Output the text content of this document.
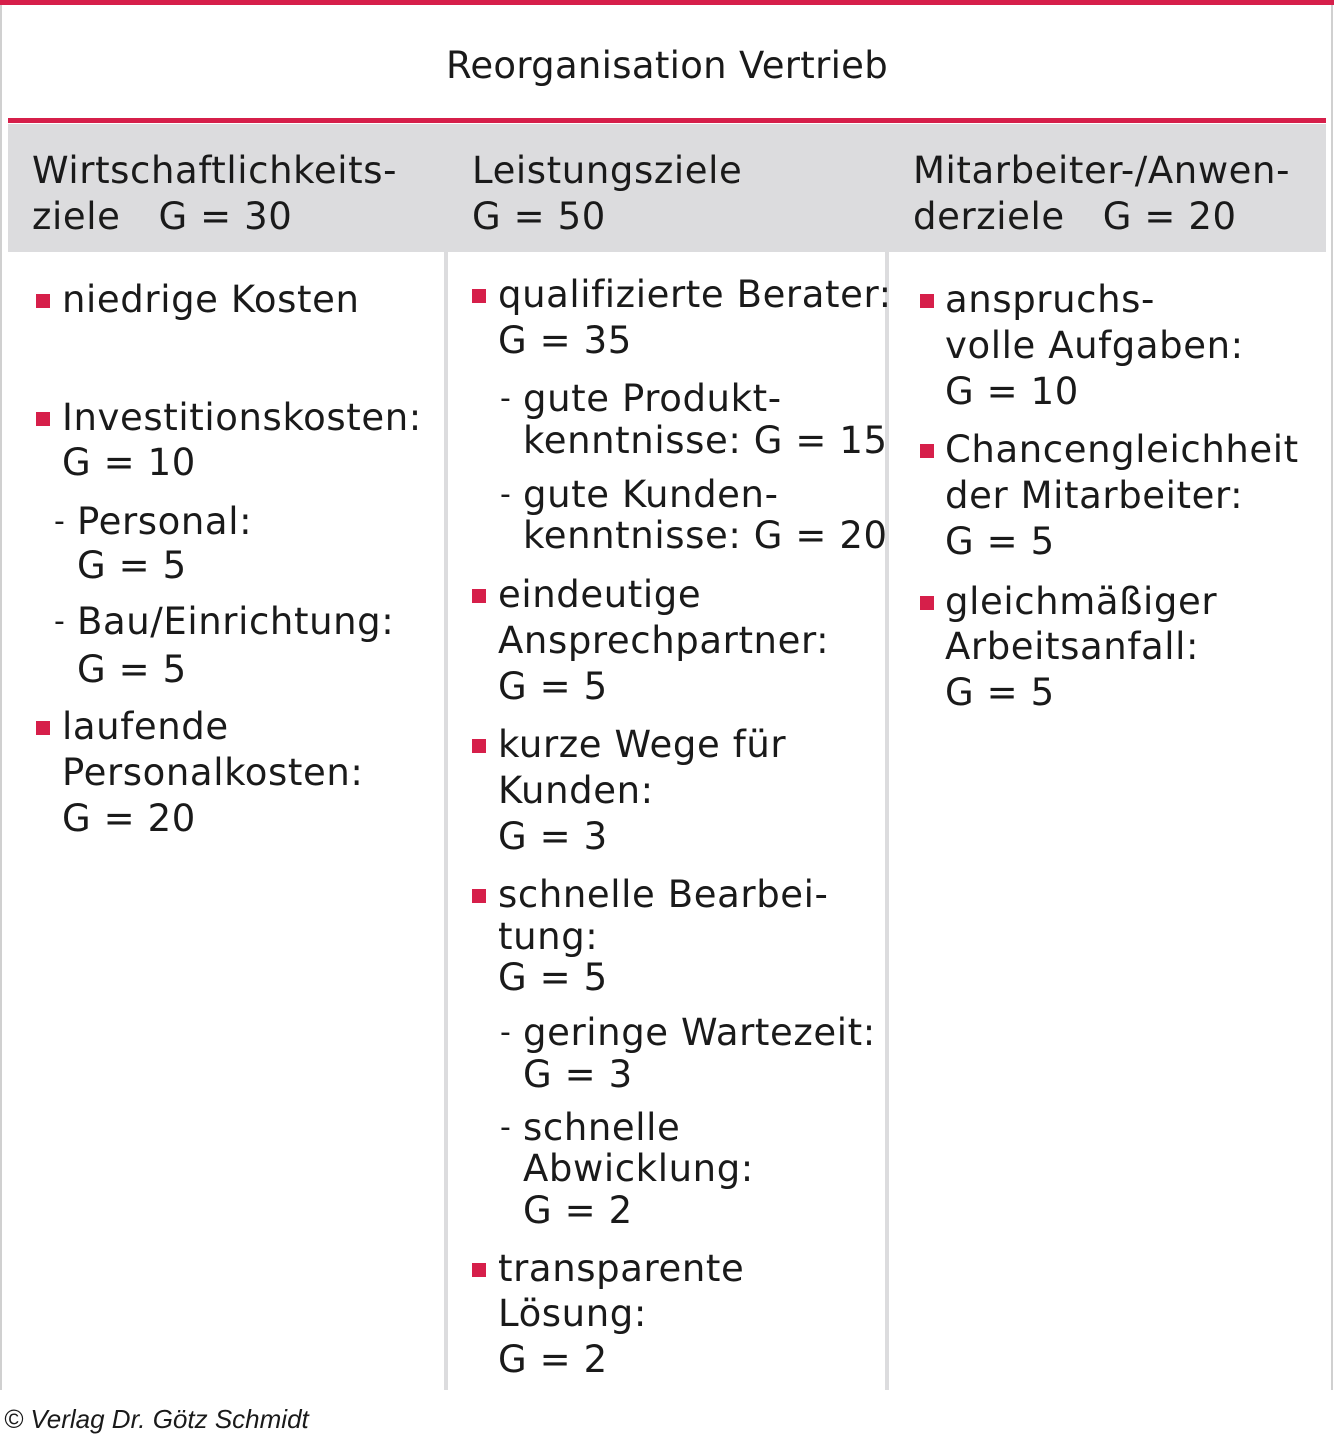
Reorganisation Vertrieb
Wirtschaftlichkeits-
ziele G = 30
Leistungsziele
G = 50
Mitarbeiter-/Anwen-
derziele G = 20
niedrige Kosten
Investitionskosten:
G = 10
- Personal:
G = 5
- Bau/Einrichtung:
G = 5
laufende
Personalkosten:
G = 20
qualifizierte Berater:
G = 35
- gute Produkt-
kenntnisse: G = 15
- gute Kunden-
kenntnisse: G = 20
eindeutige
Ansprechpartner:
G = 5
kurze Wege für
Kunden:
G = 3
schnelle Bearbei-
tung:
G = 5
- geringe Wartezeit:
G = 3
- schnelle
Abwicklung:
G = 2
transparente
Lösung:
G = 2
anspruchs-
volle Aufgaben:
G = 10
Chancengleichheit
der Mitarbeiter:
G = 5
gleichmäßiger
Arbeitsanfall:
G = 5
© Verlag Dr. Götz Schmidt
